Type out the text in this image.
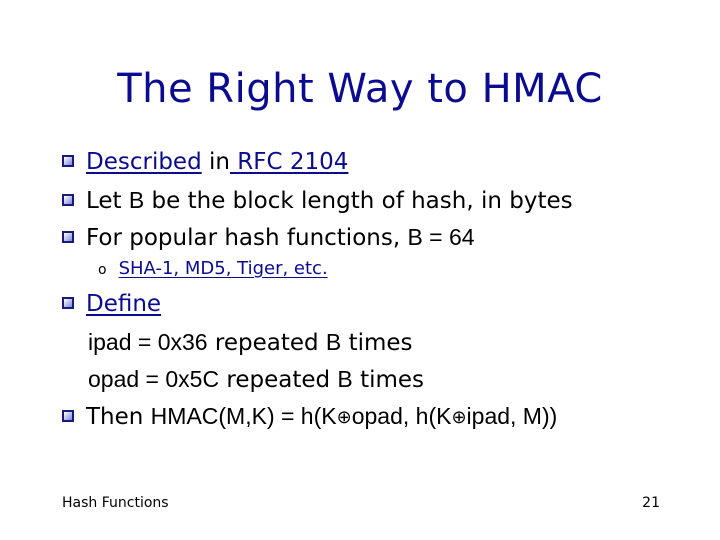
The Right Way to HMAC
Described in RFC 2104
Let B be the block length of hash, in bytes
For popular hash functions, B = 64
o SHA-1, MD5, Tiger, etc.
Define
ipad = 0x36 repeated B times
opad = 0x5C repeated B times
Then HMAC(M,K) = h(K⊕opad, h(K⊕ipad, M))
Hash Functions	21
